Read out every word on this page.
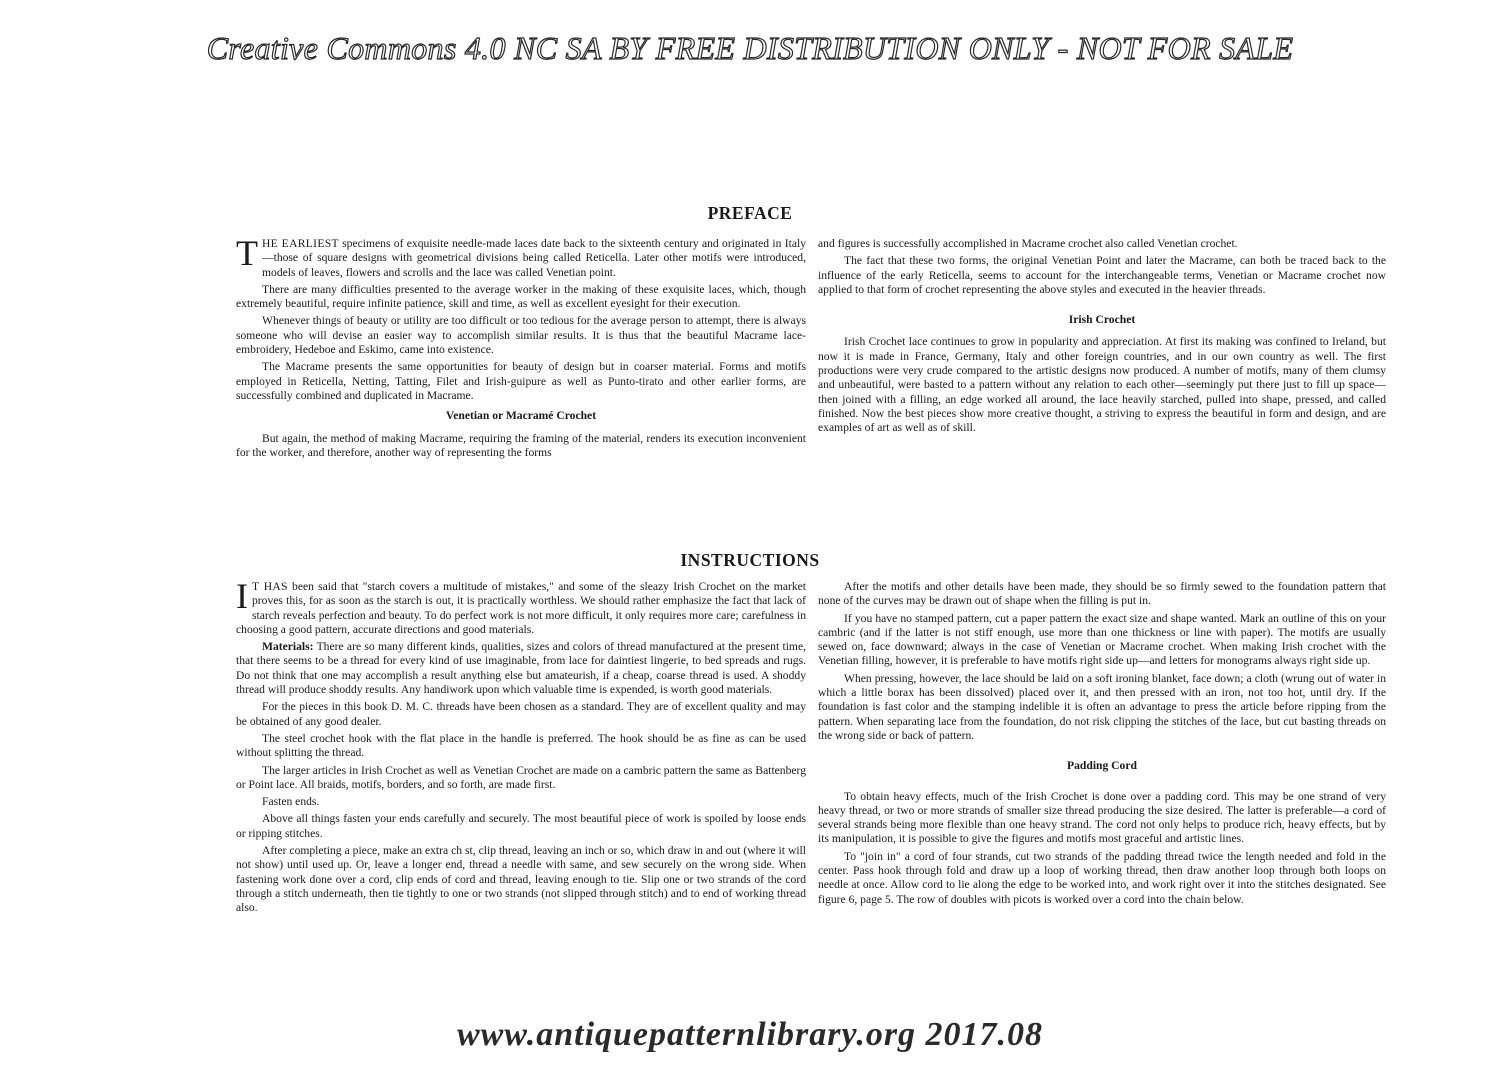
Creative Commons 4.0 NC SA BY FREE DISTRIBUTION ONLY - NOT FOR SALE
PREFACE

THE EARLIEST specimens of exquisite needle-made laces date back to the sixteenth century and originated in Italy—those of square designs with geometrical divisions being called Reticella. Later other motifs were introduced, models of leaves, flowers and scrolls and the lace was called Venetian point.

There are many difficulties presented to the average worker in the making of these exquisite laces, which, though extremely beautiful, require infinite patience, skill and time, as well as excellent eyesight for their execution.

Whenever things of beauty or utility are too difficult or too tedious for the average person to attempt, there is always someone who will devise an easier way to accomplish similar results. It is thus that the beautiful Macrame lace-embroidery, Hedeboe and Eskimo, came into existence.

The Macrame presents the same opportunities for beauty of design but in coarser material. Forms and motifs employed in Reticella, Netting, Tatting, Filet and Irish-guipure as well as Punto-tirato and other earlier forms, are successfully combined and duplicated in Macrame.

Venetian or Macramé Crochet

But again, the method of making Macrame, requiring the framing of the material, renders its execution inconvenient for the worker, and therefore, another way of representing the forms

and figures is successfully accomplished in Macrame crochet also called Venetian crochet.

The fact that these two forms, the original Venetian Point and later the Macrame, can both be traced back to the influence of the early Reticella, seems to account for the interchangeable terms, Venetian or Macrame crochet now applied to that form of crochet representing the above styles and executed in the heavier threads.

Irish Crochet

Irish Crochet lace continues to grow in popularity and appreciation. At first its making was confined to Ireland, but now it is made in France, Germany, Italy and other foreign countries, and in our own country as well. The first productions were very crude compared to the artistic designs now produced. A number of motifs, many of them clumsy and unbeautiful, were basted to a pattern without any relation to each other—seemingly put there just to fill up space—then joined with a filling, an edge worked all around, the lace heavily starched, pulled into shape, pressed, and called finished. Now the best pieces show more creative thought, a striving to express the beautiful in form and design, and are examples of art as well as of skill.

INSTRUCTIONS

I T HAS been said that "starch covers a multitude of mistakes," and some of the sleazy Irish Crochet on the market proves this, for as soon as the starch is out, it is practically worthless. We should rather emphasize the fact that lack of starch reveals perfection and beauty. To do perfect work is not more difficult, it only requires more care; carefulness in choosing a good pattern, accurate directions and good materials.

Materials: There are so many different kinds, qualities, sizes and colors of thread manufactured at the present time, that there seems to be a thread for every kind of use imaginable, from lace for daintiest lingerie, to bed spreads and rugs. Do not think that one may accomplish a result anything else but amateurish, if a cheap, coarse thread is used. A shoddy thread will produce shoddy results. Any handiwork upon which valuable time is expended, is worth good materials.

For the pieces in this book D. M. C. threads have been chosen as a standard. They are of excellent quality and may be obtained of any good dealer.

The steel crochet hook with the flat place in the handle is preferred. The hook should be as fine as can be used without splitting the thread.

The larger articles in Irish Crochet as well as Venetian Crochet are made on a cambric pattern the same as Battenberg or Point lace. All braids, motifs, borders, and so forth, are made first.

Fasten ends.

Above all things fasten your ends carefully and securely. The most beautiful piece of work is spoiled by loose ends or ripping stitches.

After completing a piece, make an extra ch st, clip thread, leaving an inch or so, which draw in and out (where it will not show) until used up. Or, leave a longer end, thread a needle with same, and sew securely on the wrong side. When fastening work done over a cord, clip ends of cord and thread, leaving enough to tie. Slip one or two strands of the cord through a stitch underneath, then tie tightly to one or two strands (not slipped through stitch) and to end of working thread also.

After the motifs and other details have been made, they should be so firmly sewed to the foundation pattern that none of the curves may be drawn out of shape when the filling is put in.

If you have no stamped pattern, cut a paper pattern the exact size and shape wanted. Mark an outline of this on your cambric (and if the latter is not stiff enough, use more than one thickness or line with paper). The motifs are usually sewed on, face downward; always in the case of Venetian or Macrame crochet. When making Irish crochet with the Venetian filling, however, it is preferable to have motifs right side up—and letters for monograms always right side up.

When pressing, however, the lace should be laid on a soft ironing blanket, face down; a cloth (wrung out of water in which a little borax has been dissolved) placed over it, and then pressed with an iron, not too hot, until dry. If the foundation is fast color and the stamping indelible it is often an advantage to press the article before ripping from the pattern. When separating lace from the foundation, do not risk clipping the stitches of the lace, but cut basting threads on the wrong side or back of pattern.

Padding Cord

To obtain heavy effects, much of the Irish Crochet is done over a padding cord. This may be one strand of very heavy thread, or two or more strands of smaller size thread producing the size desired. The latter is preferable—a cord of several strands being more flexible than one heavy strand. The cord not only helps to produce rich, heavy effects, but by its manipulation, it is possible to give the figures and motifs most graceful and artistic lines.

To "join in" a cord of four strands, cut two strands of the padding thread twice the length needed and fold in the center. Pass hook through fold and draw up a loop of working thread, then draw another loop through both loops on needle at once. Allow cord to lie along the edge to be worked into, and work right over it into the stitches designated. See figure 6, page 5. The row of doubles with picots is worked over a cord into the chain below.

www.antiquepatternlibrary.org 2017.08
